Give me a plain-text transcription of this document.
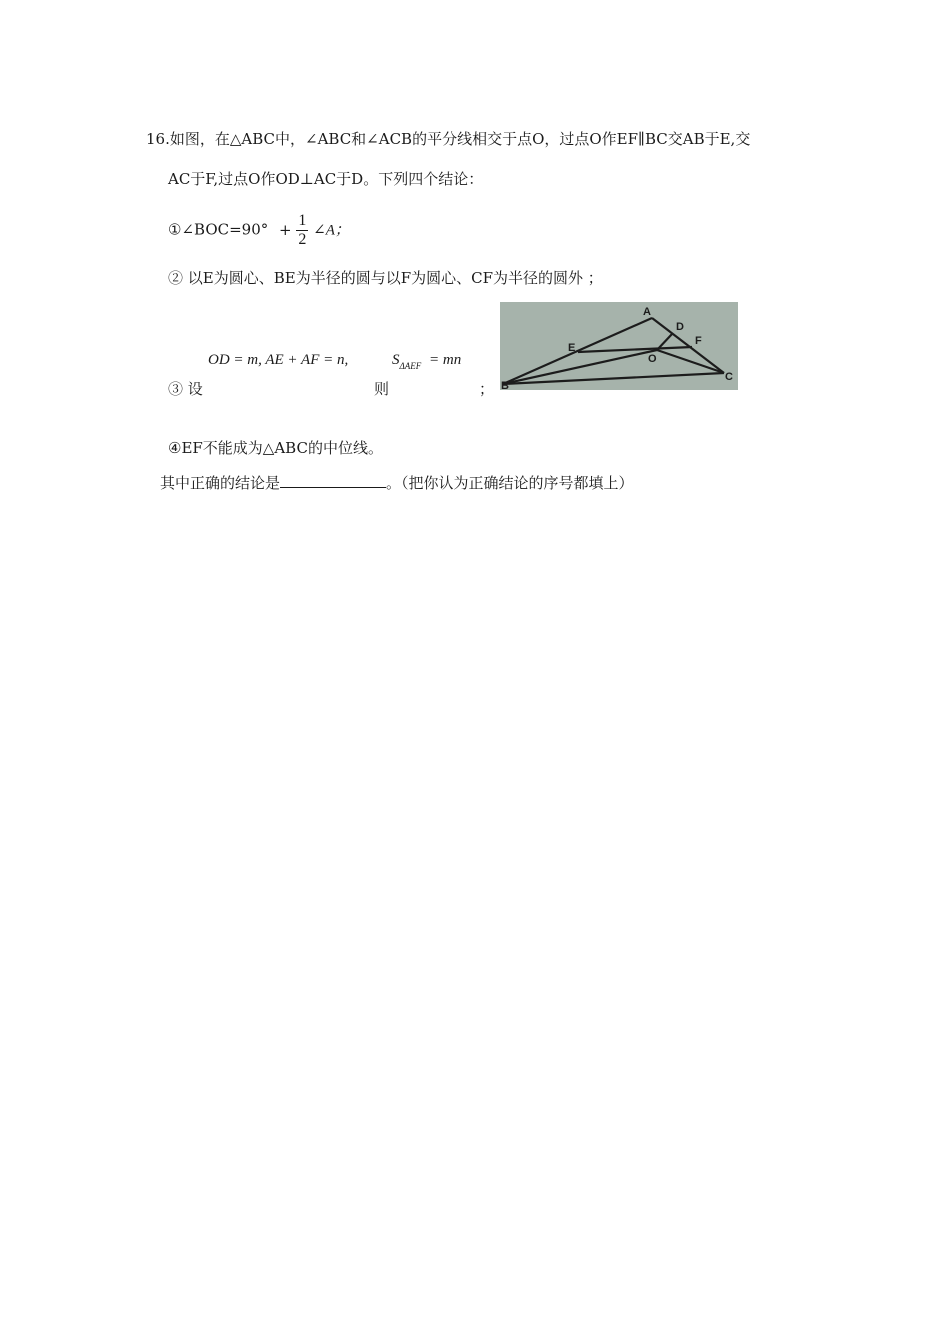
16.如图，在△ABC中，∠ABC和∠ACB的平分线相交于点O，过点O作EF∥BC交AB于E,交
AC于F,过点O作OD⊥AC于D。下列四个结论：
①∠BOC=90° + $\frac{1}{2}$ ∠A；
② 以E为圆心、BE为半径的圆与以F为圆心、CF为半径的圆外 ；
OD = m, AE + AF = n,	$S_{\Delta AEF}$ = mn
③ 设	则	；
A
D
E
F
O
B
C
④EF不能成为△ABC的中位线。
其中正确的结论是	。（把你认为正确结论的序号都填上）
